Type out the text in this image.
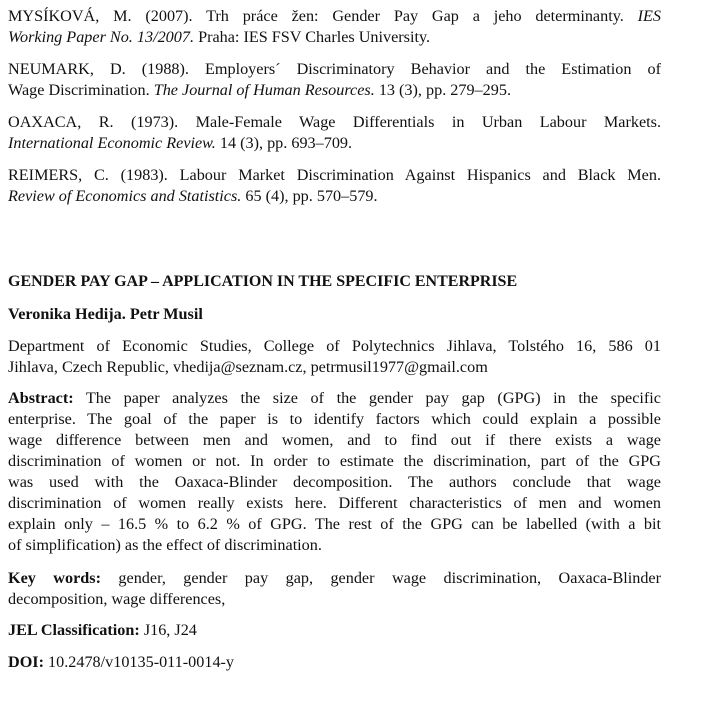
MYSÍKOVÁ, M. (2007). Trh práce žen: Gender Pay Gap a jeho determinanty. IES
Working Paper No. 13/2007. Praha: IES FSV Charles University.
NEUMARK, D. (1988). Employers´ Discriminatory Behavior and the Estimation of
Wage Discrimination. The Journal of Human Resources. 13 (3), pp. 279–295.
OAXACA, R. (1973). Male-Female Wage Differentials in Urban Labour Markets.
International Economic Review. 14 (3), pp. 693–709.
REIMERS, C. (1983). Labour Market Discrimination Against Hispanics and Black Men.
Review of Economics and Statistics. 65 (4), pp. 570–579.
GENDER PAY GAP – APPLICATION IN THE SPECIFIC ENTERPRISE
Veronika Hedija. Petr Musil
Department of Economic Studies, College of Polytechnics Jihlava, Tolstého 16, 586 01
Jihlava, Czech Republic, vhedija@seznam.cz, petrmusil1977@gmail.com
Abstract: The paper analyzes the size of the gender pay gap (GPG) in the specific
enterprise. The goal of the paper is to identify factors which could explain a possible
wage difference between men and women, and to find out if there exists a wage
discrimination of women or not. In order to estimate the discrimination, part of the GPG
was used with the Oaxaca-Blinder decomposition. The authors conclude that wage
discrimination of women really exists here. Different characteristics of men and women
explain only – 16.5 % to 6.2 % of GPG. The rest of the GPG can be labelled (with a bit
of simplification) as the effect of discrimination.
Key words: gender, gender pay gap, gender wage discrimination, Oaxaca-Blinder
decomposition, wage differences,
JEL Classification: J16, J24
DOI: 10.2478/v10135-011-0014-y
